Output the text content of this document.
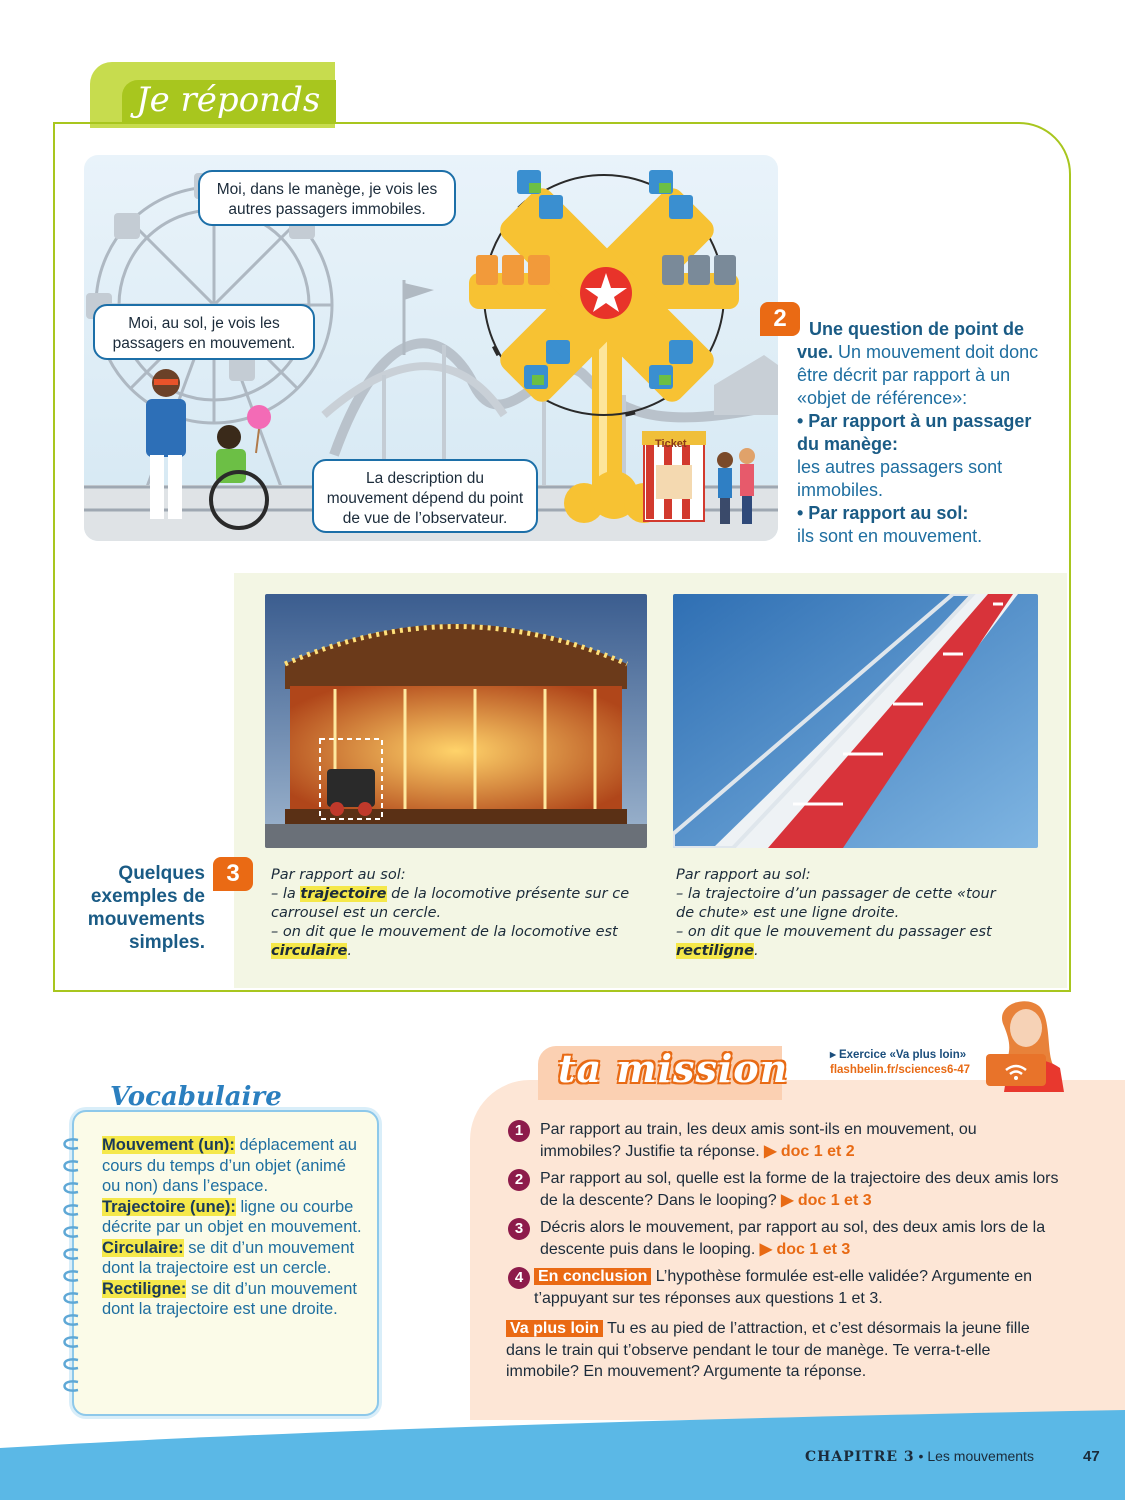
Je réponds
Moi, dans le manège, je vois les autres passagers immobiles.
Moi, au sol, je vois les passagers en mouvement.
La description du mouvement dépend du point de vue de l’observateur.
Ticket
2	Une question de point de vue. Un mouvement doit donc être décrit par rapport à un «objet de référence»:
• Par rapport à un passager du manège:
les autres passagers sont immobiles.
• Par rapport au sol:
ils sont en mouvement.
Quelques exemples de mouvements simples.
3	Par rapport au sol:
– la trajectoire de la locomotive présente sur ce carrousel est un cercle.
– on dit que le mouvement de la locomotive est circulaire.
Par rapport au sol:
– la trajectoire d’un passager de cette «tour de chute» est une ligne droite.
– on dit que le mouvement du passager est rectiligne.
Vocabulaire

Mouvement (un): déplacement au cours du temps d’un objet (animé ou non) dans l’espace.

Trajectoire (une): ligne ou courbe décrite par un objet en mouvement.

Circulaire: se dit d’un mouvement dont la trajectoire est un cercle.

Rectiligne: se dit d’un mouvement dont la trajectoire est une droite.

ta mission	▸ Exercice «Va plus loin»
flashbelin.fr/sciences6-47
1	Par rapport au train, les deux amis sont-ils en mouvement, ou immobiles? Justifie ta réponse. ▶ doc 1 et 2
2	Par rapport au sol, quelle est la forme de la trajectoire des deux amis lors de la descente? Dans le looping? ▶ doc 1 et 3
3	Décris alors le mouvement, par rapport au sol, des deux amis lors de la descente puis dans le looping. ▶ doc 1 et 3
4 En conclusion L’hypothèse formulée est-elle validée? Argumente en t’appuyant sur tes réponses aux questions 1 et 3.
Va plus loin Tu es au pied de l’attraction, et c’est désormais la jeune fille dans le train qui t’observe pendant le tour de manège. Te verra-t-elle immobile? En mouvement? Argumente ta réponse.
CHAPITRE 3 • Les mouvements	47
